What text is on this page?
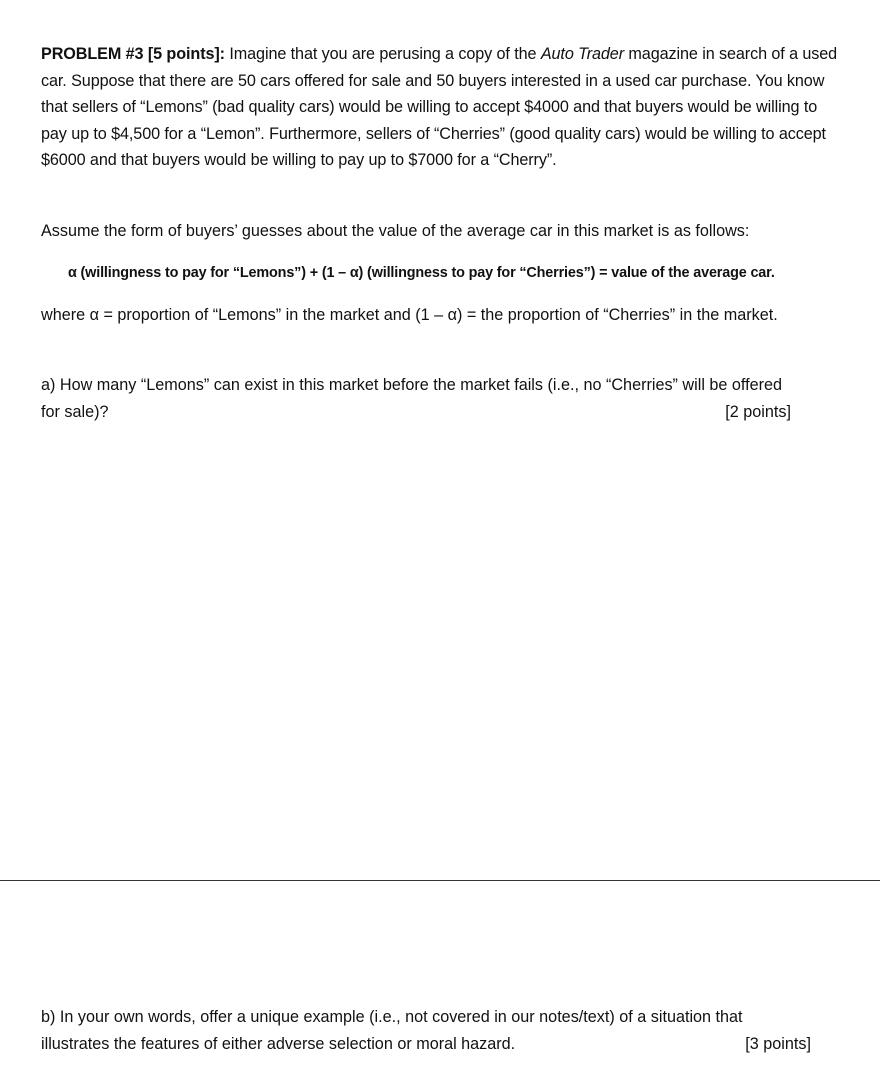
PROBLEM #3 [5 points]: Imagine that you are perusing a copy of the Auto Trader magazine in search of a used car. Suppose that there are 50 cars offered for sale and 50 buyers interested in a used car purchase. You know that sellers of “Lemons” (bad quality cars) would be willing to accept $4000 and that buyers would be willing to pay up to $4,500 for a “Lemon”. Furthermore, sellers of “Cherries” (good quality cars) would be willing to accept $6000 and that buyers would be willing to pay up to $7000 for a “Cherry”.
Assume the form of buyers’ guesses about the value of the average car in this market is as follows:
α (willingness to pay for “Lemons”) + (1 – α) (willingness to pay for “Cherries”) = value of the average car.
where α = proportion of “Lemons” in the market and (1 – α) = the proportion of “Cherries” in the market.
a) How many “Lemons” can exist in this market before the market fails (i.e., no “Cherries” will be offered for sale)?	[2 points]
b) In your own words, offer a unique example (i.e., not covered in our notes/text) of a situation that illustrates the features of either adverse selection or moral hazard.	[3 points]
